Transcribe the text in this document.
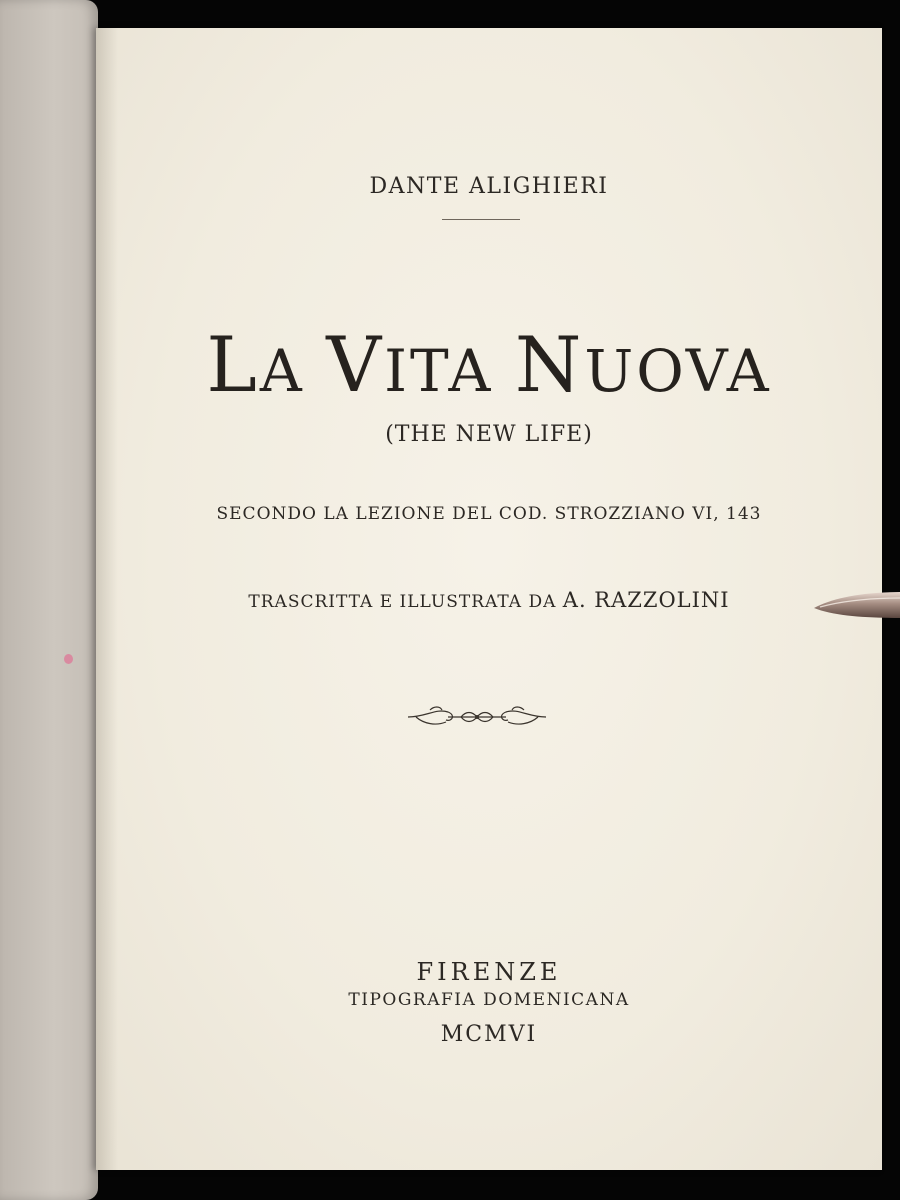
DANTE ALIGHIERI
LA VITA NUOVA
(THE NEW LIFE)
SECONDO LA LEZIONE DEL COD. STROZZIANO VI, 143
TRASCRITTA E ILLUSTRATA DA A. RAZZOLINI
FIRENZE
TIPOGRAFIA DOMENICANA
MCMVI
